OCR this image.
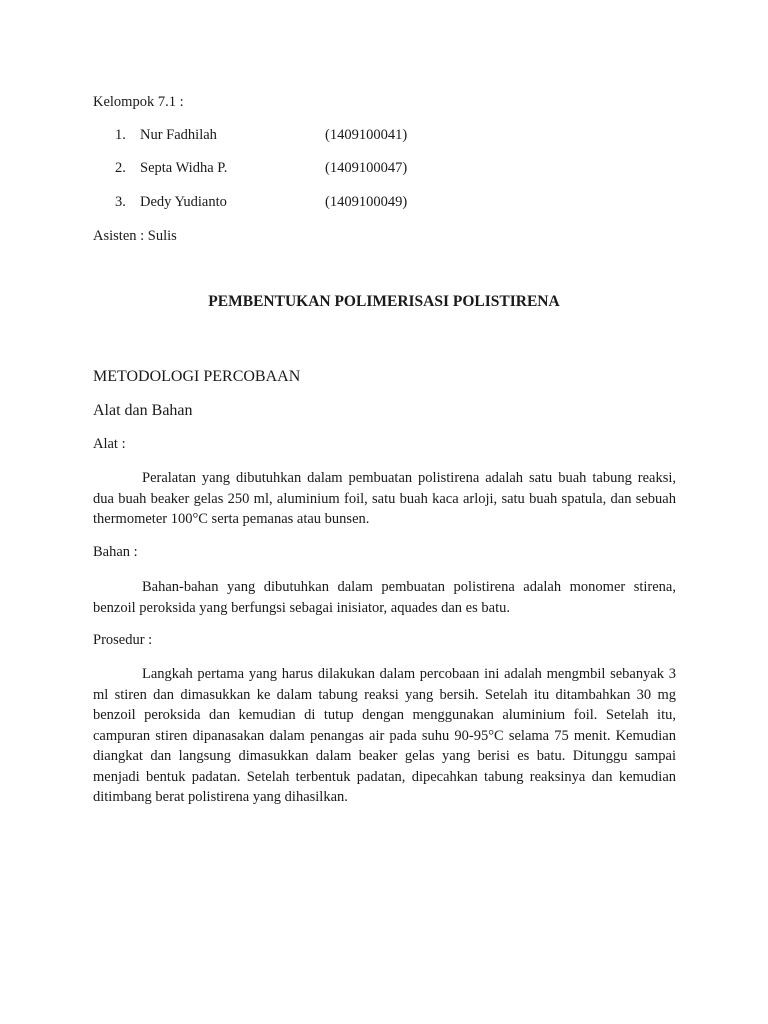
Kelompok 7.1 :
1. Nur Fadhilah	(1409100041)
2. Septa Widha P.	(1409100047)
3. Dedy Yudianto	(1409100049)
Asisten : Sulis
PEMBENTUKAN POLIMERISASI POLISTIRENA
METODOLOGI PERCOBAAN
Alat dan Bahan
Alat :
Peralatan yang dibutuhkan dalam pembuatan polistirena adalah satu buah tabung reaksi, dua buah beaker gelas 250 ml, aluminium foil, satu buah kaca arloji, satu buah spatula, dan sebuah thermometer 100°C serta pemanas atau bunsen.
Bahan :
Bahan-bahan yang dibutuhkan dalam pembuatan polistirena adalah monomer stirena, benzoil peroksida yang berfungsi sebagai inisiator, aquades dan es batu.
Prosedur :
Langkah pertama yang harus dilakukan dalam percobaan ini adalah mengmbil sebanyak 3 ml stiren dan dimasukkan ke dalam tabung reaksi yang bersih. Setelah itu ditambahkan 30 mg benzoil peroksida dan kemudian di tutup dengan menggunakan aluminium foil. Setelah itu, campuran stiren dipanasakan dalam penangas air pada suhu 90-95°C selama 75 menit. Kemudian diangkat dan langsung dimasukkan dalam beaker gelas yang berisi es batu. Ditunggu sampai menjadi bentuk padatan. Setelah terbentuk padatan, dipecahkan tabung reaksinya dan kemudian ditimbang berat polistirena yang dihasilkan.
